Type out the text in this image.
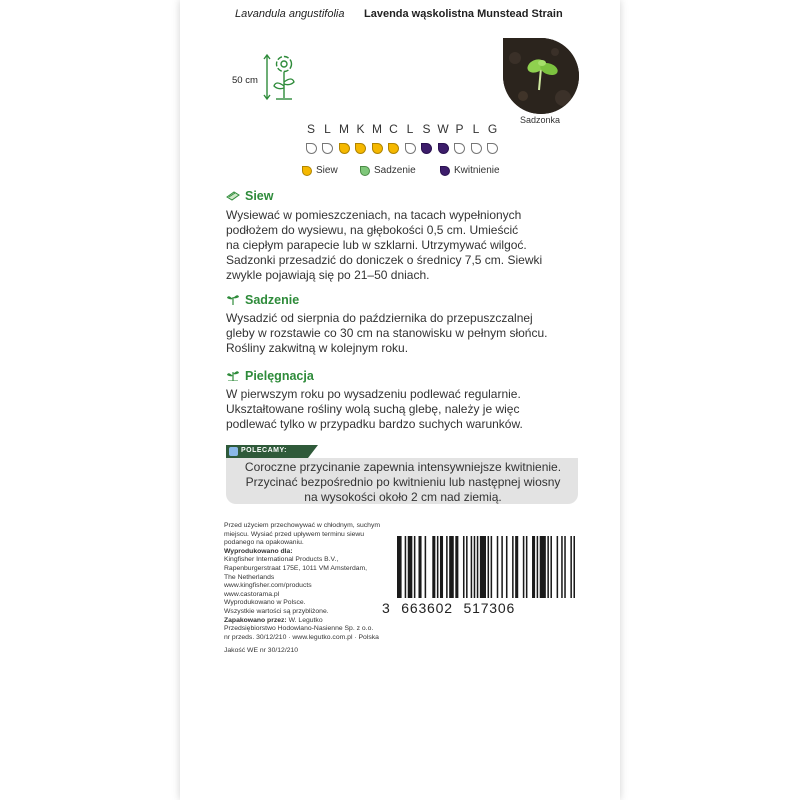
Lavandula angustifolia Lavenda wąskolistna Munstead Strain
50 cm
Sadzonka
S L M K M C L S W P L G
Siew	Sadzenie	Kwitnienie
Siew
Wysiewać w pomieszczeniach, na tacach wypełnionych
podłożem do wysiewu, na głębokości 0,5 cm. Umieścić
na ciepłym parapecie lub w szklarni. Utrzymywać wilgoć.
Sadzonki przesadzić do doniczek o średnicy 7,5 cm. Siewki
zwykle pojawiają się po 21–50 dniach.
Sadzenie
Wysadzić od sierpnia do października do przepuszczalnej
gleby w rozstawie co 30 cm na stanowisku w pełnym słońcu.
Rośliny zakwitną w kolejnym roku.
Pielęgnacja
W pierwszym roku po wysadzeniu podlewać regularnie.
Ukształtowane rośliny wolą suchą glebę, należy je więc
podlewać tylko w przypadku bardzo suchych warunków.
POLECAMY:
Coroczne przycinanie zapewnia intensywniejsze kwitnienie.
Przycinać bezpośrednio po kwitnieniu lub następnej wiosny
na wysokości około 2 cm nad ziemią.
Przed użyciem przechowywać w chłodnym, suchym
miejscu. Wysiać przed upływem terminu siewu
podanego na opakowaniu.
Wyprodukowano dla:
Kingfisher International Products B.V.,
Rapenburgerstraat 175E, 1011 VM Amsterdam,
The Netherlands
www.kingfisher.com/products
www.castorama.pl
Wyprodukowano w Polsce.
Wszystkie wartości są przybliżone.
Zapakowano przez: W. Legutko
Przedsiębiorstwo Hodowlano-Nasienne Sp. z o.o.
nr przeds. 30/12/210 · www.legutko.com.pl · Polska
Jakość WE nr 30/12/210
3 663602 517306
